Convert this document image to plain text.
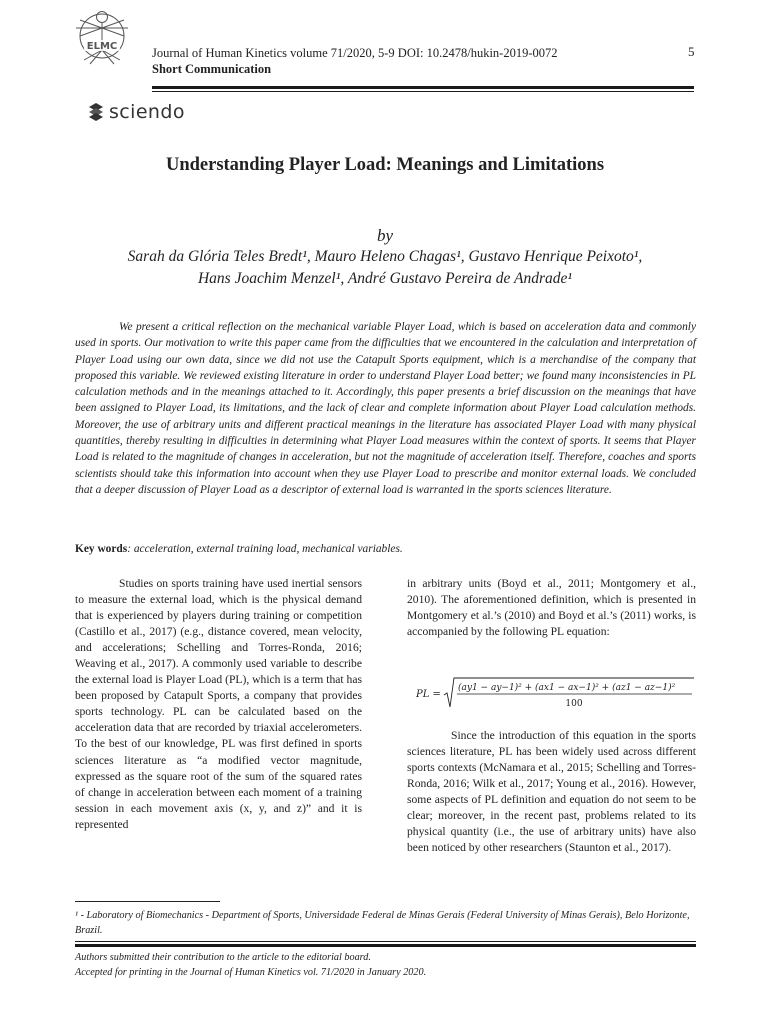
ELMC	Journal of Human Kinetics volume 71/2020, 5-9 DOI: 10.2478/hukin-2019-0072
Short Communication
5
sciendo
Understanding Player Load: Meanings and Limitations
by
Sarah da Glória Teles Bredt¹, Mauro Heleno Chagas¹, Gustavo Henrique Peixoto¹,
Hans Joachim Menzel¹, André Gustavo Pereira de Andrade¹
We present a critical reflection on the mechanical variable Player Load, which is based on acceleration data and commonly used in sports. Our motivation to write this paper came from the difficulties that we encountered in the calculation and interpretation of Player Load using our own data, since we did not use the Catapult Sports equipment, which is a merchandise of the company that proposed this variable. We reviewed existing literature in order to understand Player Load better; we found many inconsistencies in PL calculation methods and in the meanings attached to it. Accordingly, this paper presents a brief discussion on the meanings that have been assigned to Player Load, its limitations, and the lack of clear and complete information about Player Load calculation methods. Moreover, the use of arbitrary units and different practical meanings in the literature has associated Player Load with many physical quantities, thereby resulting in difficulties in determining what Player Load measures within the context of sports. It seems that Player Load is related to the magnitude of changes in acceleration, but not the magnitude of acceleration itself. Therefore, coaches and sports scientists should take this information into account when they use Player Load to prescribe and monitor external loads. We concluded that a deeper discussion of Player Load as a descriptor of external load is warranted in the sports sciences literature.
Key words: acceleration, external training load, mechanical variables.
Studies on sports training have used inertial sensors to measure the external load, which is the physical demand that is experienced by players during training or competition (Castillo et al., 2017) (e.g., distance covered, mean velocity, and accelerations; Schelling and Torres-Ronda, 2016; Weaving et al., 2017). A commonly used variable to describe the external load is Player Load (PL), which is a term that has been proposed by Catapult Sports, a company that provides sports technology. PL can be calculated based on the acceleration data that are recorded by triaxial accelerometers. To the best of our knowledge, PL was first defined in sports sciences literature as “a modified vector magnitude, expressed as the square root of the sum of the squared rates of change in acceleration between each moment of a training session in each movement axis (x, y, and z)” and it is represented
in arbitrary units (Boyd et al., 2011; Montgomery et al., 2010). The aforementioned definition, which is presented in Montgomery et al.’s (2010) and Boyd et al.’s (2011) works, is accompanied by the following PL equation:
PL =
(ay1 − ay−1)² + (ax1 − ax−1)² + (az1 − az−1)²
100
Since the introduction of this equation in the sports sciences literature, PL has been widely used across different sports contexts (McNamara et al., 2015; Schelling and Torres-Ronda, 2016; Wilk et al., 2017; Young et al., 2016). However, some aspects of PL definition and equation do not seem to be clear; moreover, in the recent past, problems related to its physical quantity (i.e., the use of arbitrary units) have also been noticed by other researchers (Staunton et al., 2017).
¹ - Laboratory of Biomechanics - Department of Sports, Universidade Federal de Minas Gerais (Federal University of Minas Gerais), Belo Horizonte, Brazil.
Authors submitted their contribution to the article to the editorial board.
Accepted for printing in the Journal of Human Kinetics vol. 71/2020 in January 2020.
